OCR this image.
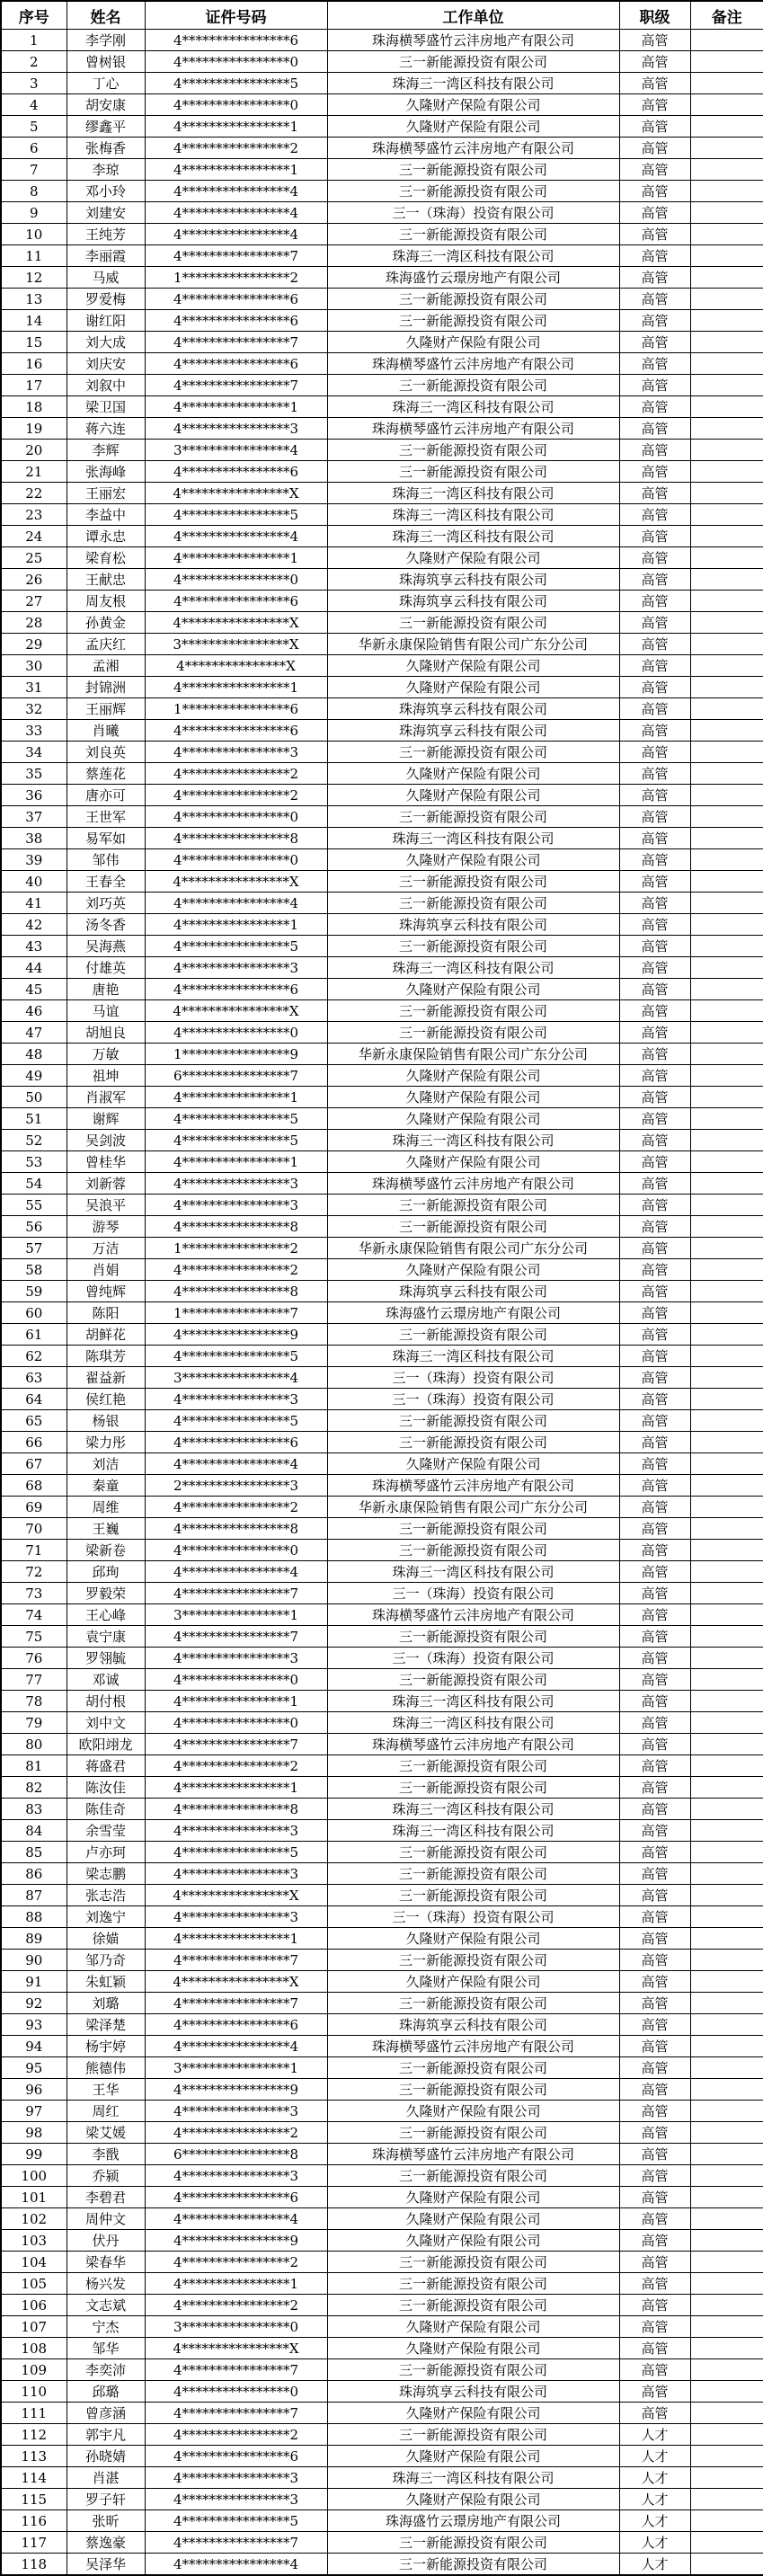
序号	姓名	证件号码	工作单位	职级	备注
1	李学刚	4****************6	珠海横琴盛竹云沣房地产有限公司	高管	
2	曾树银	4****************0	三一新能源投资有限公司	高管	
3	丁心	4****************5	珠海三一湾区科技有限公司	高管	
4	胡安康	4****************0	久隆财产保险有限公司	高管	
5	缪鑫平	4****************1	久隆财产保险有限公司	高管	
6	张梅香	4****************2	珠海横琴盛竹云沣房地产有限公司	高管	
7	李琼	4****************1	三一新能源投资有限公司	高管	
8	邓小玲	4****************4	三一新能源投资有限公司	高管	
9	刘建安	4****************4	三一（珠海）投资有限公司	高管	
10	王纯芳	4****************4	三一新能源投资有限公司	高管	
11	李丽霞	4****************7	珠海三一湾区科技有限公司	高管	
12	马威	1****************2	珠海盛竹云璟房地产有限公司	高管	
13	罗爱梅	4****************6	三一新能源投资有限公司	高管	
14	谢红阳	4****************6	三一新能源投资有限公司	高管	
15	刘大成	4****************7	久隆财产保险有限公司	高管	
16	刘庆安	4****************6	珠海横琴盛竹云沣房地产有限公司	高管	
17	刘叙中	4****************7	三一新能源投资有限公司	高管	
18	梁卫国	4****************1	珠海三一湾区科技有限公司	高管	
19	蒋六连	4****************3	珠海横琴盛竹云沣房地产有限公司	高管	
20	李辉	3****************4	三一新能源投资有限公司	高管	
21	张海峰	4****************6	三一新能源投资有限公司	高管	
22	王丽宏	4****************X	珠海三一湾区科技有限公司	高管	
23	李益中	4****************5	珠海三一湾区科技有限公司	高管	
24	谭永忠	4****************4	珠海三一湾区科技有限公司	高管	
25	梁育松	4****************1	久隆财产保险有限公司	高管	
26	王献忠	4****************0	珠海筑享云科技有限公司	高管	
27	周友根	4****************6	珠海筑享云科技有限公司	高管	
28	孙黄金	4****************X	三一新能源投资有限公司	高管	
29	孟庆红	3****************X	华新永康保险销售有限公司广东分公司	高管	
30	孟湘	4***************X	久隆财产保险有限公司	高管	
31	封锦洲	4****************1	久隆财产保险有限公司	高管	
32	王丽辉	1****************6	珠海筑享云科技有限公司	高管	
33	肖曦	4****************6	珠海筑享云科技有限公司	高管	
34	刘良英	4****************3	三一新能源投资有限公司	高管	
35	蔡莲花	4****************2	久隆财产保险有限公司	高管	
36	唐亦可	4****************2	久隆财产保险有限公司	高管	
37	王世军	4****************0	三一新能源投资有限公司	高管	
38	易军如	4****************8	珠海三一湾区科技有限公司	高管	
39	邹伟	4****************0	久隆财产保险有限公司	高管	
40	王春全	4****************X	三一新能源投资有限公司	高管	
41	刘巧英	4****************4	三一新能源投资有限公司	高管	
42	汤冬香	4****************1	珠海筑享云科技有限公司	高管	
43	吴海燕	4****************5	三一新能源投资有限公司	高管	
44	付雄英	4****************3	珠海三一湾区科技有限公司	高管	
45	唐艳	4****************6	久隆财产保险有限公司	高管	
46	马谊	4****************X	三一新能源投资有限公司	高管	
47	胡旭良	4****************0	三一新能源投资有限公司	高管	
48	万敏	1****************9	华新永康保险销售有限公司广东分公司	高管	
49	祖坤	6****************7	久隆财产保险有限公司	高管	
50	肖淑军	4****************1	久隆财产保险有限公司	高管	
51	谢辉	4****************5	久隆财产保险有限公司	高管	
52	吴剑波	4****************5	珠海三一湾区科技有限公司	高管	
53	曾桂华	4****************1	久隆财产保险有限公司	高管	
54	刘新蓉	4****************3	珠海横琴盛竹云沣房地产有限公司	高管	
55	吴浪平	4****************3	三一新能源投资有限公司	高管	
56	游琴	4****************8	三一新能源投资有限公司	高管	
57	万洁	1****************2	华新永康保险销售有限公司广东分公司	高管	
58	肖娟	4****************2	久隆财产保险有限公司	高管	
59	曾纯辉	4****************8	珠海筑享云科技有限公司	高管	
60	陈阳	1****************7	珠海盛竹云璟房地产有限公司	高管	
61	胡鲜花	4****************9	三一新能源投资有限公司	高管	
62	陈琪芳	4****************5	珠海三一湾区科技有限公司	高管	
63	翟益新	3****************4	三一（珠海）投资有限公司	高管	
64	侯红艳	4****************3	三一（珠海）投资有限公司	高管	
65	杨银	4****************5	三一新能源投资有限公司	高管	
66	梁力彤	4****************6	三一新能源投资有限公司	高管	
67	刘洁	4****************4	久隆财产保险有限公司	高管	
68	秦童	2****************3	珠海横琴盛竹云沣房地产有限公司	高管	
69	周维	4****************2	华新永康保险销售有限公司广东分公司	高管	
70	王巍	4****************8	三一新能源投资有限公司	高管	
71	梁新卷	4****************0	三一新能源投资有限公司	高管	
72	邱珣	4****************4	珠海三一湾区科技有限公司	高管	
73	罗毅荣	4****************7	三一（珠海）投资有限公司	高管	
74	王心峰	3****************1	珠海横琴盛竹云沣房地产有限公司	高管	
75	袁宁康	4****************7	三一新能源投资有限公司	高管	
76	罗翎毓	4****************3	三一（珠海）投资有限公司	高管	
77	邓诚	4****************0	三一新能源投资有限公司	高管	
78	胡付根	4****************1	珠海三一湾区科技有限公司	高管	
79	刘中文	4****************0	珠海三一湾区科技有限公司	高管	
80	欧阳翊龙	4****************7	珠海横琴盛竹云沣房地产有限公司	高管	
81	蒋盛君	4****************2	三一新能源投资有限公司	高管	
82	陈汝佳	4****************1	三一新能源投资有限公司	高管	
83	陈佳奇	4****************8	珠海三一湾区科技有限公司	高管	
84	余雪莹	4****************3	珠海三一湾区科技有限公司	高管	
85	卢亦珂	4****************5	三一新能源投资有限公司	高管	
86	梁志鹏	4****************3	三一新能源投资有限公司	高管	
87	张志浩	4****************X	三一新能源投资有限公司	高管	
88	刘逸宁	4****************3	三一（珠海）投资有限公司	高管	
89	徐媌	4****************1	久隆财产保险有限公司	高管	
90	邹乃奇	4****************7	三一新能源投资有限公司	高管	
91	朱虹颖	4****************X	久隆财产保险有限公司	高管	
92	刘璐	4****************7	三一新能源投资有限公司	高管	
93	梁泽楚	4****************6	珠海筑享云科技有限公司	高管	
94	杨宇婷	4****************4	珠海横琴盛竹云沣房地产有限公司	高管	
95	熊德伟	3****************1	三一新能源投资有限公司	高管	
96	王华	4****************9	三一新能源投资有限公司	高管	
97	周红	4****************3	久隆财产保险有限公司	高管	
98	梁艾媛	4****************2	三一新能源投资有限公司	高管	
99	李戬	6****************8	珠海横琴盛竹云沣房地产有限公司	高管	
100	乔颍	4****************3	三一新能源投资有限公司	高管	
101	李碧君	4****************6	久隆财产保险有限公司	高管	
102	周仲文	4****************4	久隆财产保险有限公司	高管	
103	伏丹	4****************9	久隆财产保险有限公司	高管	
104	梁春华	4****************2	三一新能源投资有限公司	高管	
105	杨兴发	4****************1	三一新能源投资有限公司	高管	
106	文志斌	4****************2	三一新能源投资有限公司	高管	
107	宁杰	3****************0	久隆财产保险有限公司	高管	
108	邹华	4****************X	久隆财产保险有限公司	高管	
109	李奕沛	4****************7	三一新能源投资有限公司	高管	
110	邱璐	4****************0	珠海筑享云科技有限公司	高管	
111	曾彦涵	4****************7	久隆财产保险有限公司	高管	
112	郭宇凡	4****************2	三一新能源投资有限公司	人才	
113	孙晓婧	4****************6	久隆财产保险有限公司	人才	
114	肖湛	4****************3	珠海三一湾区科技有限公司	人才	
115	罗子轩	4****************3	久隆财产保险有限公司	人才	
116	张昕	4****************5	珠海盛竹云璟房地产有限公司	人才	
117	蔡逸豪	4****************7	三一新能源投资有限公司	人才	
118	吴泽华	4****************4	三一新能源投资有限公司	人才	
